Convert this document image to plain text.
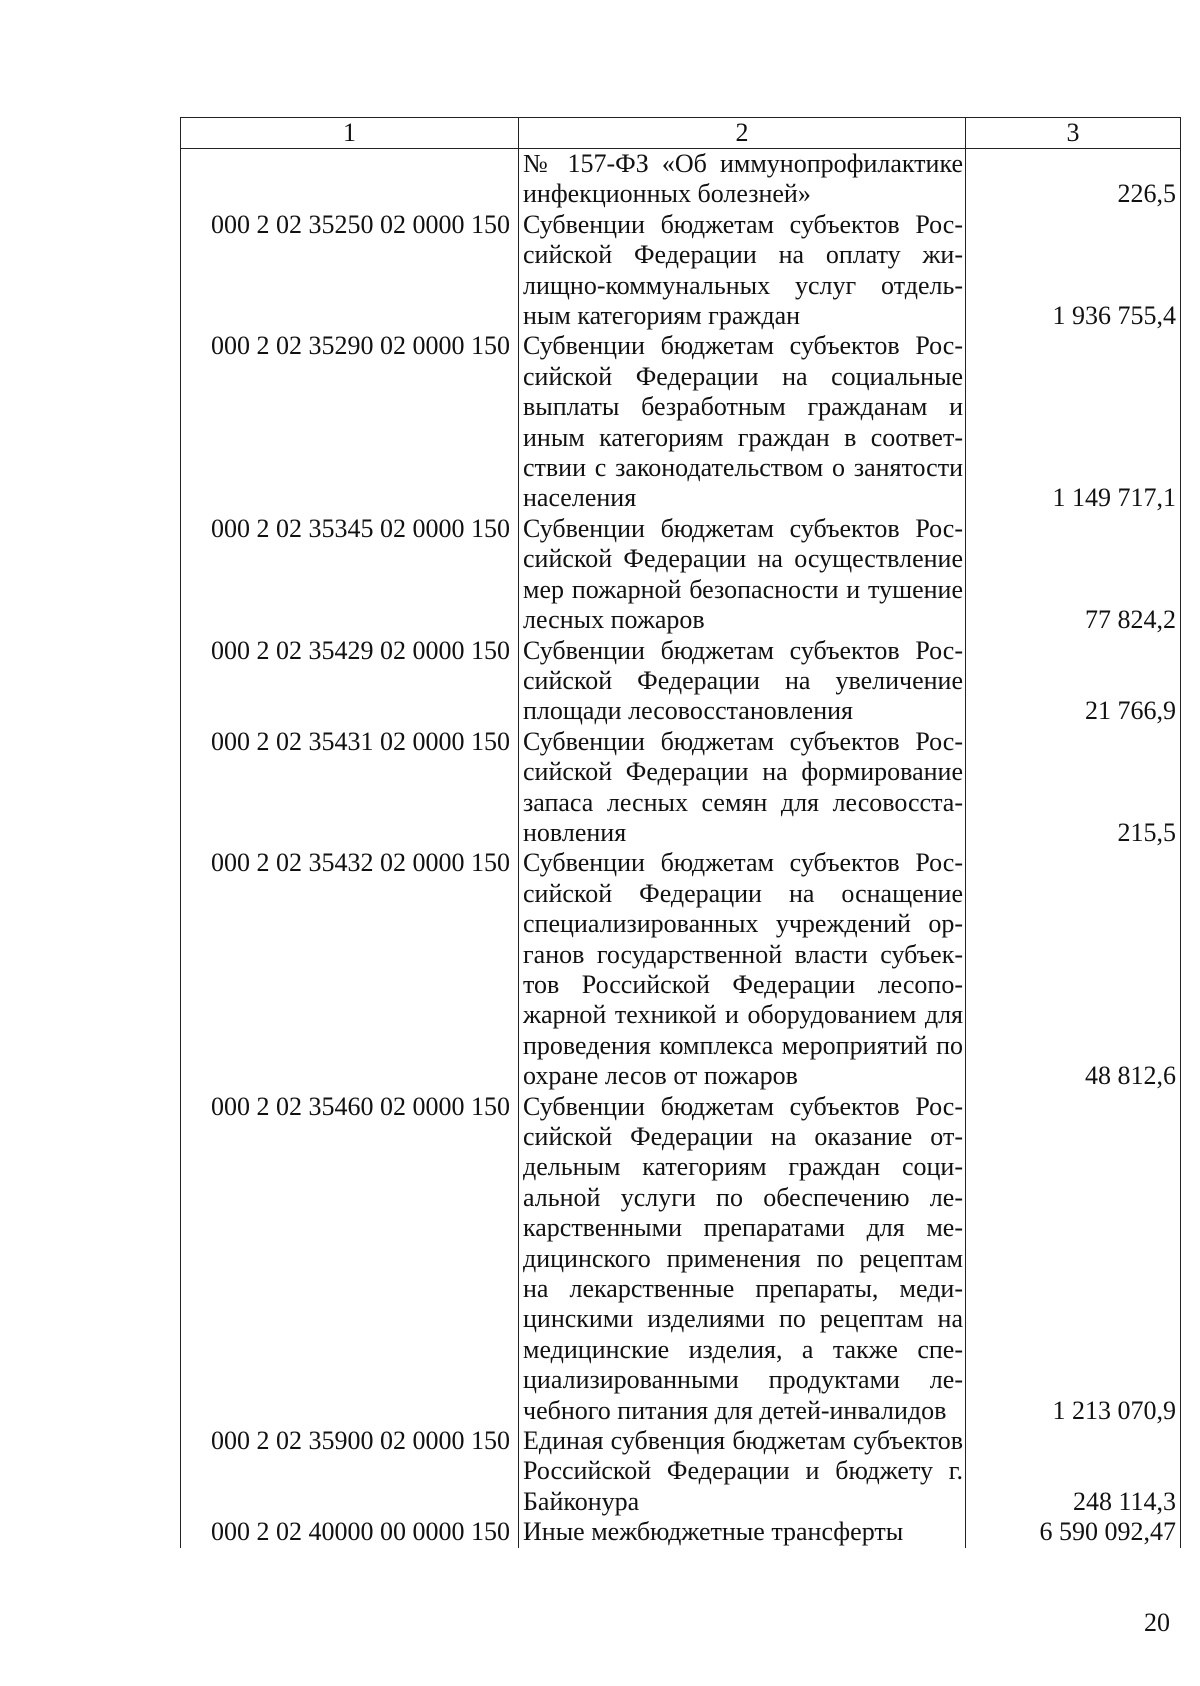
1	2	3
	№ 157-ФЗ «Об иммунопрофилактике инфекционных болезней»	226,5
000 2 02 35250 02 0000 150	Субвенции бюджетам субъектов Российской Федерации на оплату жилищно-коммунальных услуг отдельным категориям граждан	1 936 755,4
000 2 02 35290 02 0000 150	Субвенции бюджетам субъектов Российской Федерации на социальные выплаты безработным гражданам и иным категориям граждан в соответствии с законодательством о занятости населения	1 149 717,1
000 2 02 35345 02 0000 150	Субвенции бюджетам субъектов Российской Федерации на осуществление мер пожарной безопасности и тушение лесных пожаров	77 824,2
000 2 02 35429 02 0000 150	Субвенции бюджетам субъектов Российской Федерации на увеличение площади лесовосстановления	21 766,9
000 2 02 35431 02 0000 150	Субвенции бюджетам субъектов Российской Федерации на формирование запаса лесных семян для лесовосстановления	215,5
000 2 02 35432 02 0000 150	Субвенции бюджетам субъектов Российской Федерации на оснащение специализированных учреждений органов государственной власти субъектов Российской Федерации лесопожарной техникой и оборудованием для проведения комплекса мероприятий по охране лесов от пожаров	48 812,6
000 2 02 35460 02 0000 150	Субвенции бюджетам субъектов Российской Федерации на оказание отдельным категориям граждан социальной услуги по обеспечению лекарственными препаратами для медицинского применения по рецептам на лекарственные препараты, медицинскими изделиями по рецептам на медицинские изделия, а также специализированными продуктами лечебного питания для детей-инвалидов	1 213 070,9
000 2 02 35900 02 0000 150	Единая субвенция бюджетам субъектов Российской Федерации и бюджету г. Байконура	248 114,3
000 2 02 40000 00 0000 150	Иные межбюджетные трансферты	6 590 092,47
20
